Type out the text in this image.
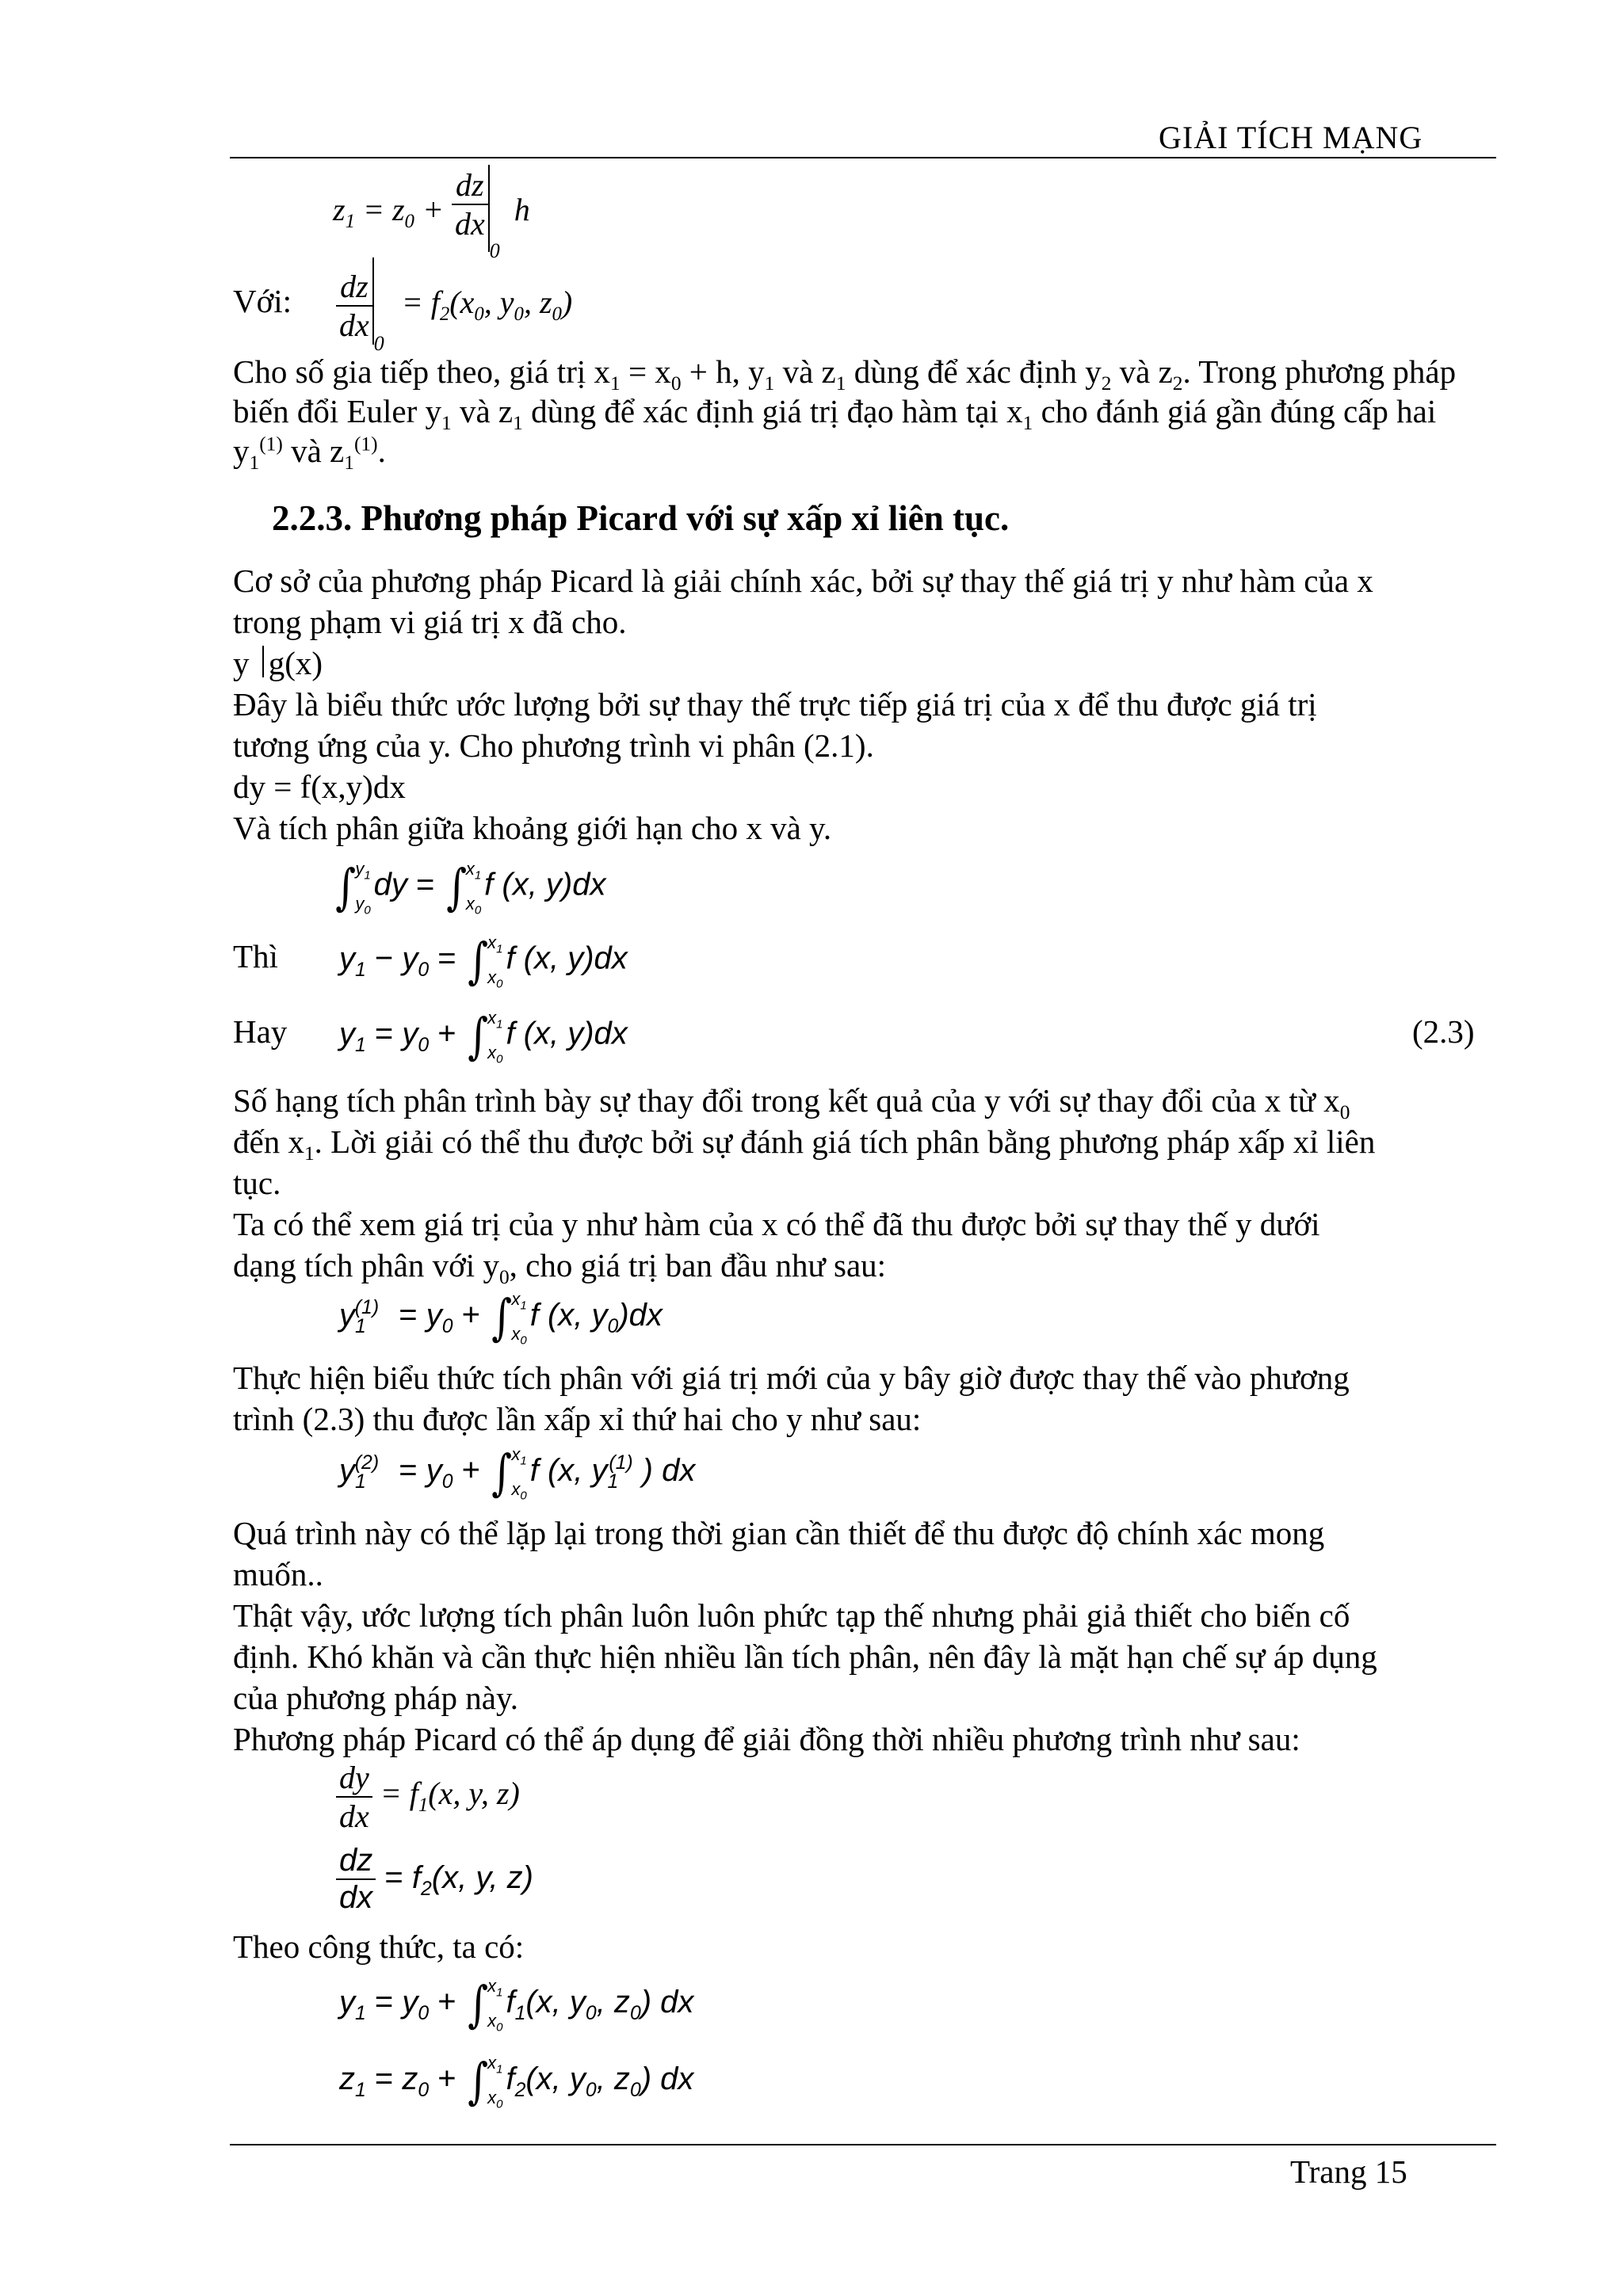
GIẢI TÍCH MẠNG
$z_1 = z_0 + \frac{dz}{dx}$
$_0$ h
Với: $\frac{dz}{dx} _0 = f_2(x_0$, $y_0$, $z_0$)
Cho số gia tiếp theo, giá trị $x_1 = x_0 + h$, $y_1$ và $z_1$ dùng để xác định $y_2$ và $z_2$. Trong phương pháp
biến đổi Euler $y_1$ và $z_1$ dùng để xác định giá trị đạo hàm tại $x_1$ cho đánh giá gần đúng cấp hai
$y_1^{(1)}$ và $z_1^{(1)}$.
2.2.3. Phương pháp Picard với sự xấp xỉ liên tục.
Cơ sở của phương pháp Picard là giải chính xác, bởi sự thay thế giá trị y như hàm của x
trong phạm vi giá trị x đã cho.
y g(x)
Đây là biểu thức ước lượng bởi sự thay thế trực tiếp giá trị của x để thu được giá trị
tương ứng của y. Cho phương trình vi phân (2.1).
dy = f(x,y)dx
Và tích phân giữa khoảng giới hạn cho x và y.
∫ $y_1$
$y_0$
dy = ∫ $x_1$
$x_0$
f (x, y)dx
Thì $y_1 - y_0$ = ∫ $x_1$
$x_0$
f (x, y)dx
Hay $y_1 = y_0$ + ∫ $x_1$
$x_0$
f (x, y)dx	(2.3)
Số hạng tích phân trình bày sự thay đổi trong kết quả của y với sự thay đổi của x từ $x_0$
đến $x_1$. Lời giải có thể thu được bởi sự đánh giá tích phân bằng phương pháp xấp xỉ liên
tục.
Ta có thể xem giá trị của y như hàm của x có thể đã thu được bởi sự thay thế y dưới
dạng tích phân với $y_0$, cho giá trị ban đầu như sau:
$y_1^{(1)} = y_0$ + ∫ $x_1$
$x_0$
f (x, $y_0)dx$
Thực hiện biểu thức tích phân với giá trị mới của y bây giờ được thay thế vào phương
trình (2.3) thu được lần xấp xỉ thứ hai cho y như sau:
$y_1^{(2)} = y_0$ + ∫ $x_1$
$x_0$
f (x, $y_1^{(1)}$ ) dx
Quá trình này có thể lặp lại trong thời gian cần thiết để thu được độ chính xác mong
muốn..
Thật vậy, ước lượng tích phân luôn luôn phức tạp thế nhưng phải giả thiết cho biến cố
định. Khó khăn và cần thực hiện nhiều lần tích phân, nên đây là mặt hạn chế sự áp dụng
của phương pháp này.
Phương pháp Picard có thể áp dụng để giải đồng thời nhiều phương trình như sau:
$\frac{dy}{dx} = f_1(x$, y, z)
$\frac{dz}{dx} = f_2(x$, y, z)
Theo công thức, ta có:
$y_1 = y_0$ + ∫ $x_1$
$x_0$
$f_1(x$, $y_0$, $z_0$) dx
$z_1 = z_0$ + ∫ $x_1$
$x_0$
$f_2(x$, $y_0$, $z_0$) dx
Trang 15
